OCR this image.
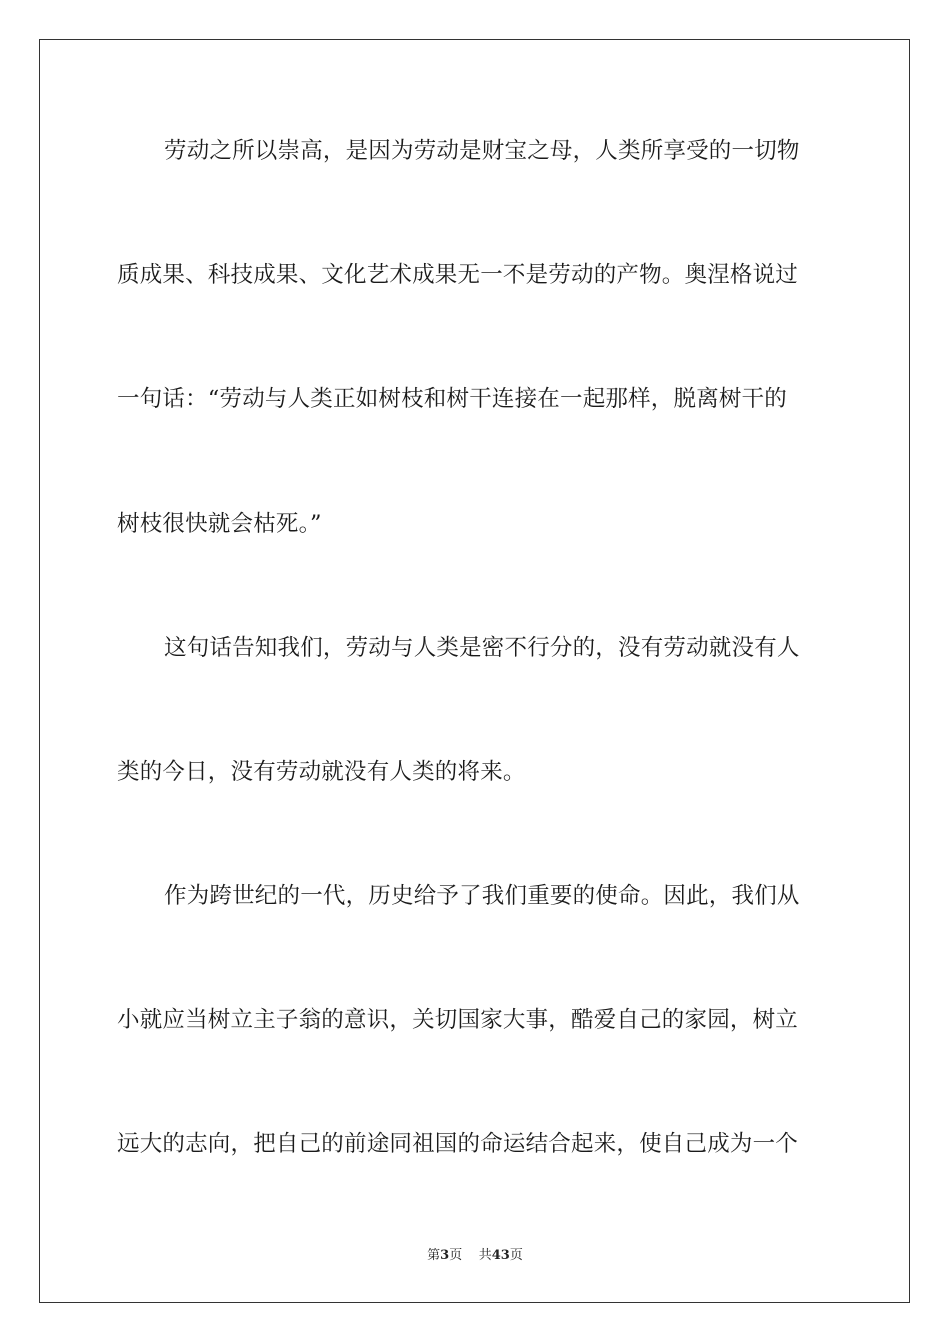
劳动之所以崇高，是因为劳动是财宝之母，人类所享受的一切物
质成果、科技成果、文化艺术成果无一不是劳动的产物。奥涅格说过
一句话：“劳动与人类正如树枝和树干连接在一起那样，脱离树干的
树枝很快就会枯死。”
这句话告知我们，劳动与人类是密不行分的，没有劳动就没有人
类的今日，没有劳动就没有人类的将来。
作为跨世纪的一代，历史给予了我们重要的使命。因此，我们从
小就应当树立主子翁的意识，关切国家大事，酷爱自己的家园，树立
远大的志向，把自己的前途同祖国的命运结合起来，使自己成为一个
第3页 共43页
